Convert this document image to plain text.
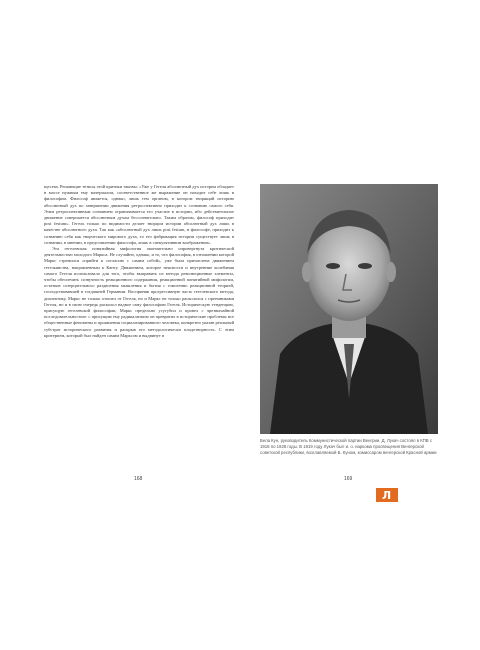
щества. Решающие тезисы этой критики таковы: «Уже у Гегеля абсолютный дух истории обладает в массе нужным ему материалом, соответственное же выражение он находит себе лишь в философии. Философ является, однако, лишь тем органом, в котором творящий историю абсолютный дух по завершении движения ретроспективно приходит к сознанию самого себя. Этим ретроспективным сознанием ограничивается его участие в истории, ибо действительное движение совершается абсолютным духом бессознательно. Таким образом, философ приходит post festum». Гегель только по видимости делает творцом истории абсолютный дух лишь в качестве абсолютного духа. Так как «абсолютный дух лишь post festum, в философе, приходит к сознанию себя как творческого мирового духа, то его фабрикация истории существует лишь в сознании, в мнении, в представлении философа, лишь в спекулятивном воображении».

Эта гегелевская понятийная мифология окончательно опровергнута критической деятельностью молодого Маркса. Не случайно, однако, и то, что философия, в отношении которой Маркс стремился «прийти к согласию с самим собой», уже была причислена движением гегельянства, направленным к Канту. Движением, которое неясности и внутренние колебания самого Гегеля использовало для того, чтобы выправить из метода революционные элементы, чтобы обеспечить созвучность реакционного содержания, реакционной понятийной мифологии, остатков созерцательного раздвоения мышления и бытия с гомогенно реакционной теорией, господствовавшей в тогдашней Германии. Восприняв прогрессивную часть гегелевского метода, диалектику, Маркс не только отошел от Гегеля, но и Маркс не только раскололся с преемниками Гегеля, но и в свою очередь расколол надвое саму философию Гегеля. Историческую тенденцию, присущую гегелевской философии, Маркс предельно усугубил и провел с чрезвычайной последовательностью: с присущим ему радикализмом он превратил в исторические проблемы все общественные феномены и проявления социализированного человека, конкретно указав реальный субстрат исторического развития и раскрыв его методологически плодотворность. С этим критерием, который был найден самим Марксом и выдвинут в

168
Бела Кун, руководитель Коммунистической партии Венгрии. Д. Лукач состоял в КПВ с 1918 по 1928 годы. В 1919 году Лукач был и. о. наркома просвещения Венгерской советской республики, возглавляемой Б. Куном, комиссаром венгерской Красной армии
169
Л
